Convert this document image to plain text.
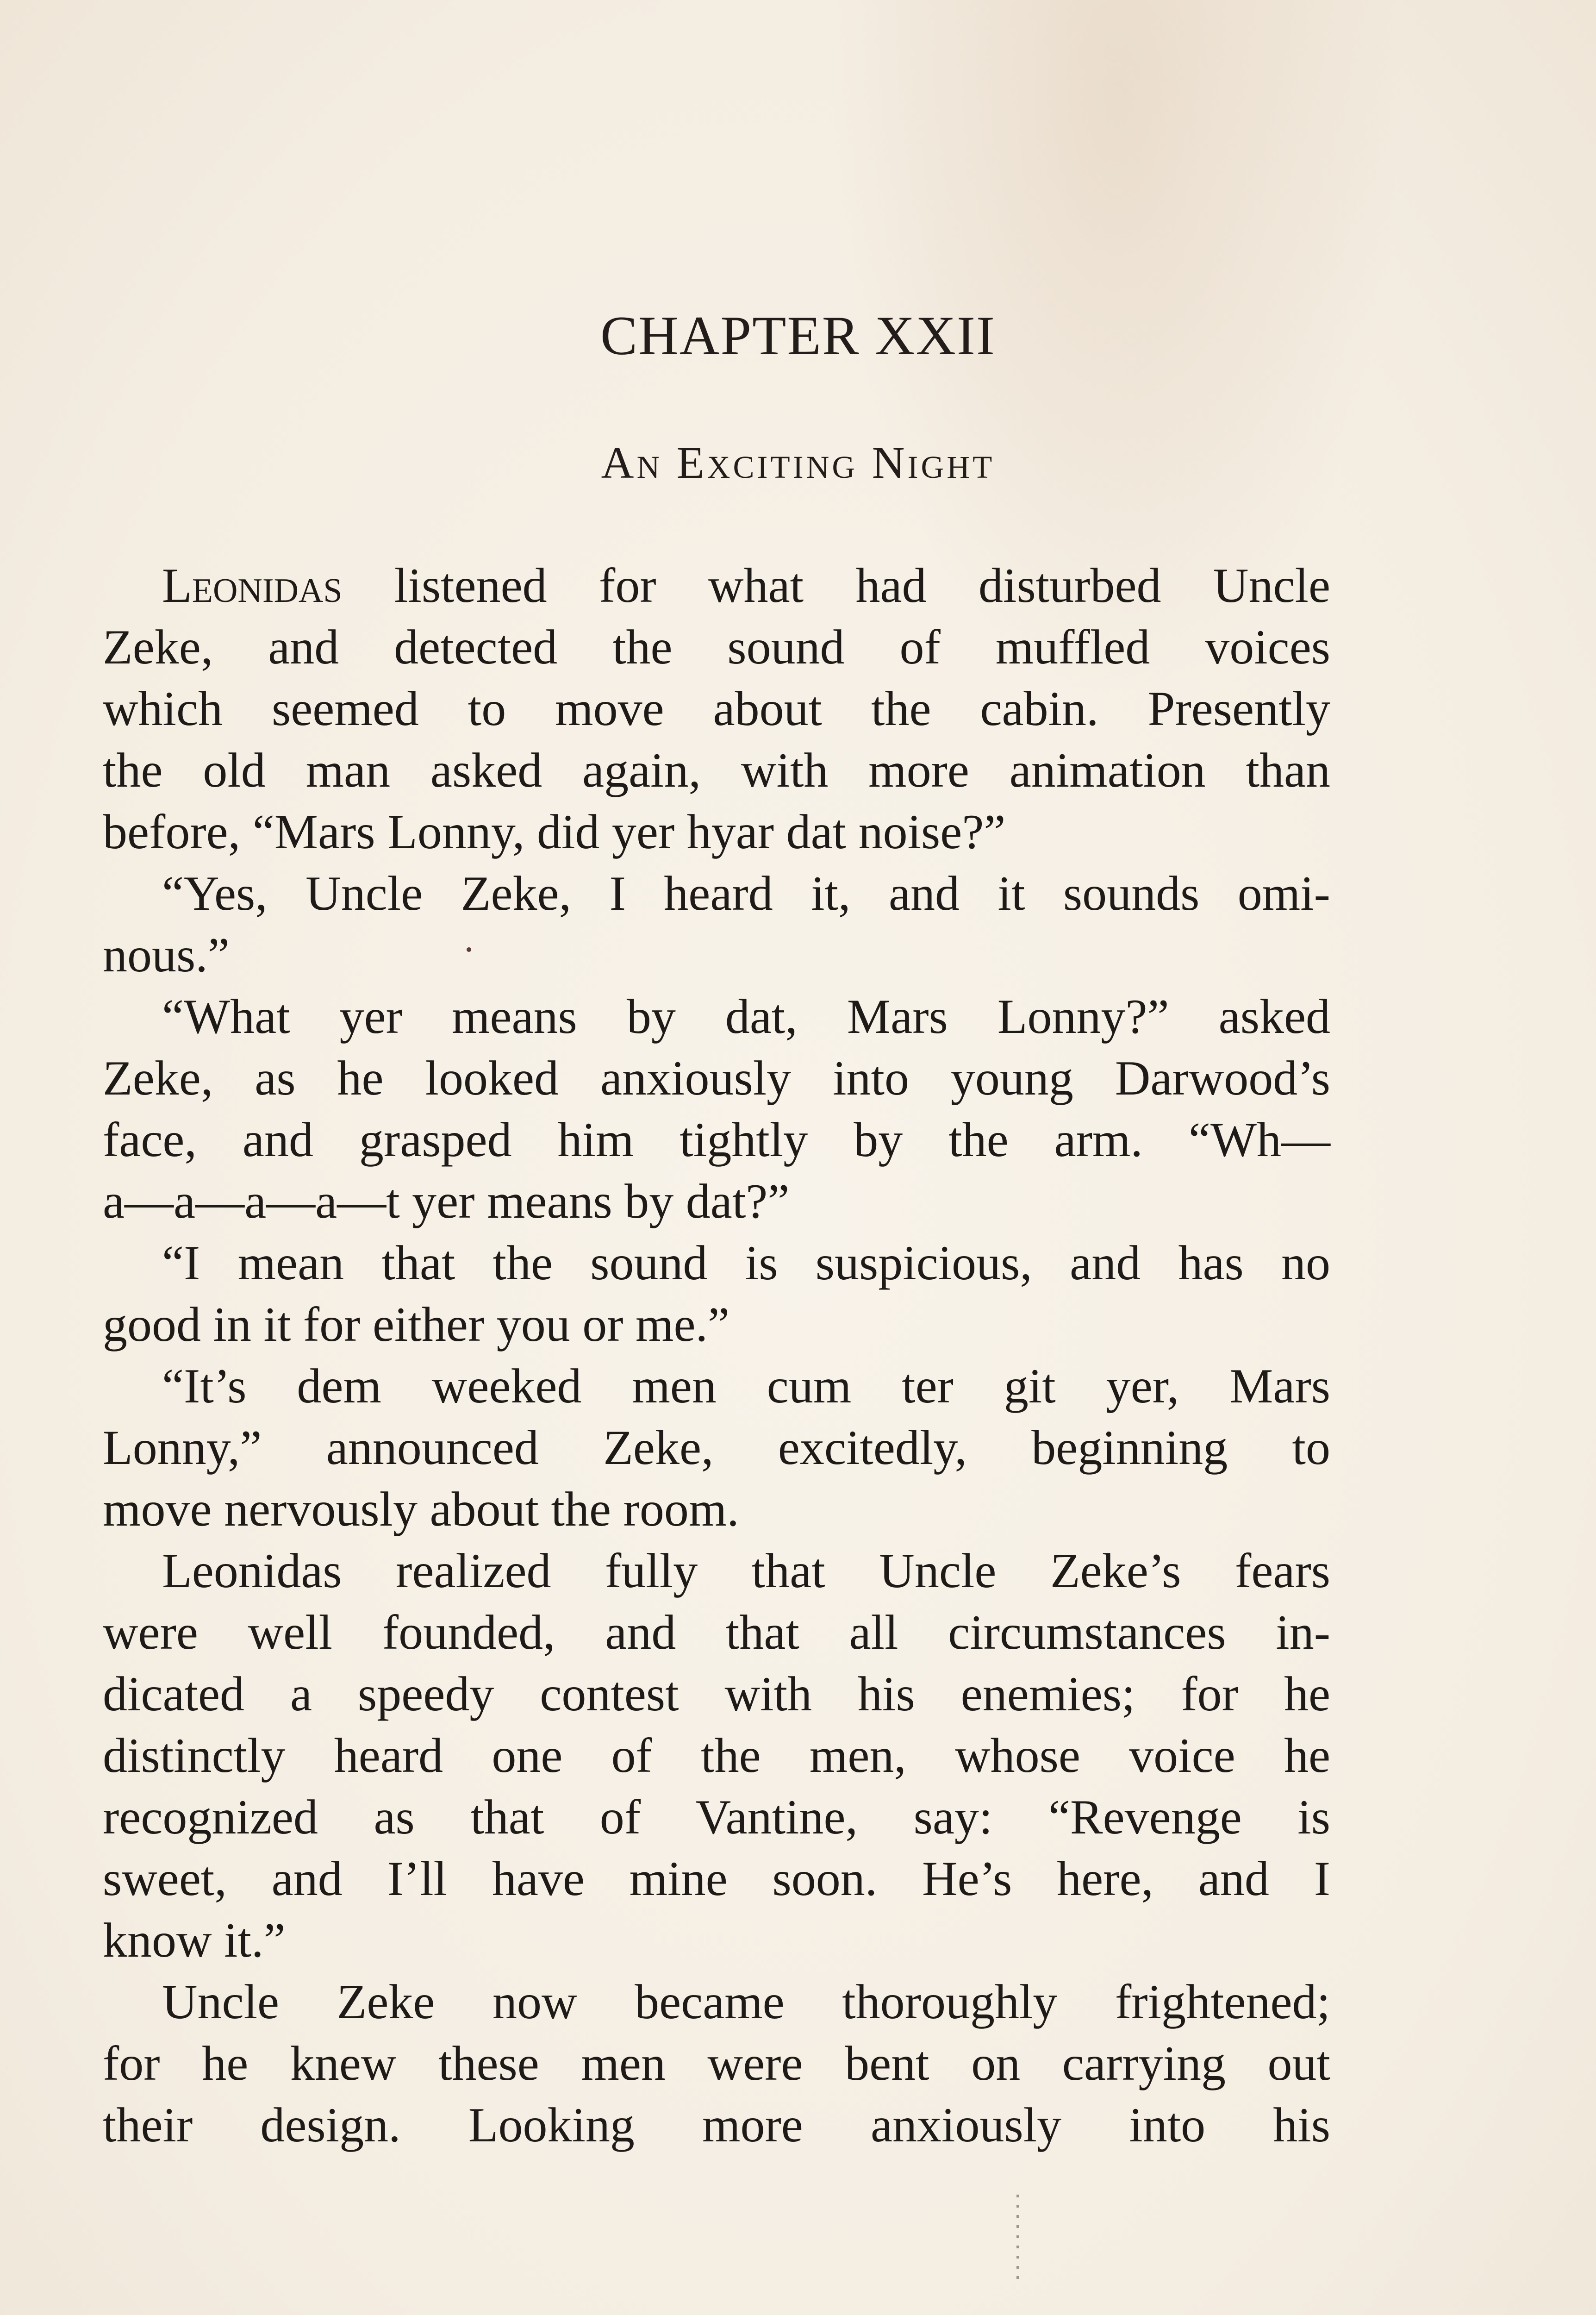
CHAPTER XXII
An Exciting Night
Leonidas listened for what had disturbed Uncle
Zeke, and detected the sound of muffled voices
which seemed to move about the cabin. Presently
the old man asked again, with more animation than
before, “Mars Lonny, did yer hyar dat noise?”
“Yes, Uncle Zeke, I heard it, and it sounds omi-
nous.”
“What yer means by dat, Mars Lonny?” asked
Zeke, as he looked anxiously into young Darwood’s
face, and grasped him tightly by the arm. “Wh—
a—a—a—a—t yer means by dat?”
“I mean that the sound is suspicious, and has no
good in it for either you or me.”
“It’s dem weeked men cum ter git yer, Mars
Lonny,” announced Zeke, excitedly, beginning to
move nervously about the room.
Leonidas realized fully that Uncle Zeke’s fears
were well founded, and that all circumstances in-
dicated a speedy contest with his enemies; for he
distinctly heard one of the men, whose voice he
recognized as that of Vantine, say: “Revenge is
sweet, and I’ll have mine soon. He’s here, and I
know it.”
Uncle Zeke now became thoroughly frightened;
for he knew these men were bent on carrying out
their design. Looking more anxiously into his
